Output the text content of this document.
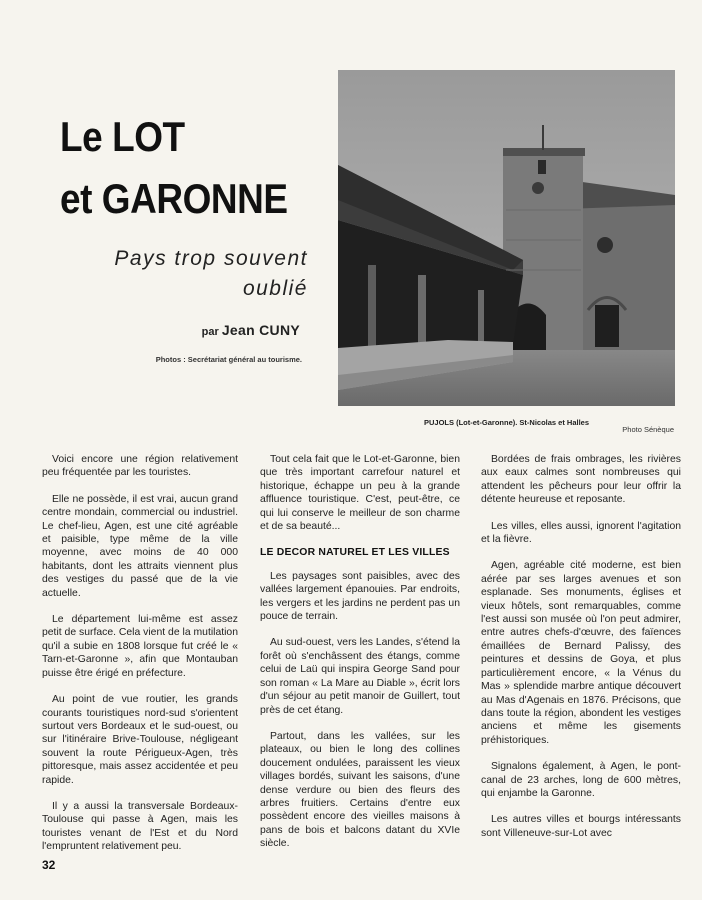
Le LOT
et GARONNE
Pays trop souvent
oublié
par Jean CUNY
Photos : Secrétariat général au tourisme.
PUJOLS (Lot-et-Garonne). St-Nicolas et Halles
Photo Sénèque

Voici encore une région relativement peu fréquentée par les touristes.

Elle ne possède, il est vrai, aucun grand centre mondain, commercial ou industriel. Le chef-lieu, Agen, est une cité agréable et paisible, type même de la ville moyenne, avec moins de 40 000 habitants, dont les attraits viennent plus des vestiges du passé que de la vie actuelle.

Le département lui-même est assez petit de surface. Cela vient de la mutilation qu'il a subie en 1808 lorsque fut créé le « Tarn-et-Garonne », afin que Montauban puisse être érigé en préfecture.

Au point de vue routier, les grands courants touristiques nord-sud s'orientent surtout vers Bordeaux et le sud-ouest, ou sur l'itinéraire Brive-Toulouse, négligeant souvent la route Périgueux-Agen, très pittoresque, mais assez accidentée et peu rapide.

Il y a aussi la transversale Bordeaux-Toulouse qui passe à Agen, mais les touristes venant de l'Est et du Nord l'empruntent relativement peu.

Tout cela fait que le Lot-et-Garonne, bien que très important carrefour naturel et historique, échappe un peu à la grande affluence touristique. C'est, peut-être, ce qui lui conserve le meilleur de son charme et de sa beauté...

LE DECOR NATUREL ET LES VILLES

Les paysages sont paisibles, avec des vallées largement épanouies. Par endroits, les vergers et les jardins ne perdent pas un pouce de terrain.

Au sud-ouest, vers les Landes, s'étend la forêt où s'enchâssent des étangs, comme celui de Laü qui inspira George Sand pour son roman « La Mare au Diable », écrit lors d'un séjour au petit manoir de Guillert, tout près de cet étang.

Partout, dans les vallées, sur les plateaux, ou bien le long des collines doucement ondulées, paraissent les vieux villages bordés, suivant les saisons, d'une dense verdure ou bien des fleurs des arbres fruitiers. Certains d'entre eux possèdent encore des vieilles maisons à pans de bois et balcons datant du XVIe siècle.

Bordées de frais ombrages, les rivières aux eaux calmes sont nombreuses qui attendent les pêcheurs pour leur offrir la détente heureuse et reposante.

Les villes, elles aussi, ignorent l'agitation et la fièvre.

Agen, agréable cité moderne, est bien aérée par ses larges avenues et son esplanade. Ses monuments, églises et vieux hôtels, sont remarquables, comme l'est aussi son musée où l'on peut admirer, entre autres chefs-d'œuvre, des faïences émaillées de Bernard Palissy, des peintures et dessins de Goya, et plus particulièrement encore, « la Vénus du Mas » splendide marbre antique découvert au Mas d'Agenais en 1876. Précisons, que dans toute la région, abondent les vestiges anciens et même les gisements préhistoriques.

Signalons également, à Agen, le pont-canal de 23 arches, long de 600 mètres, qui enjambe la Garonne.

Les autres villes et bourgs intéressants sont Villeneuve-sur-Lot avec

32
